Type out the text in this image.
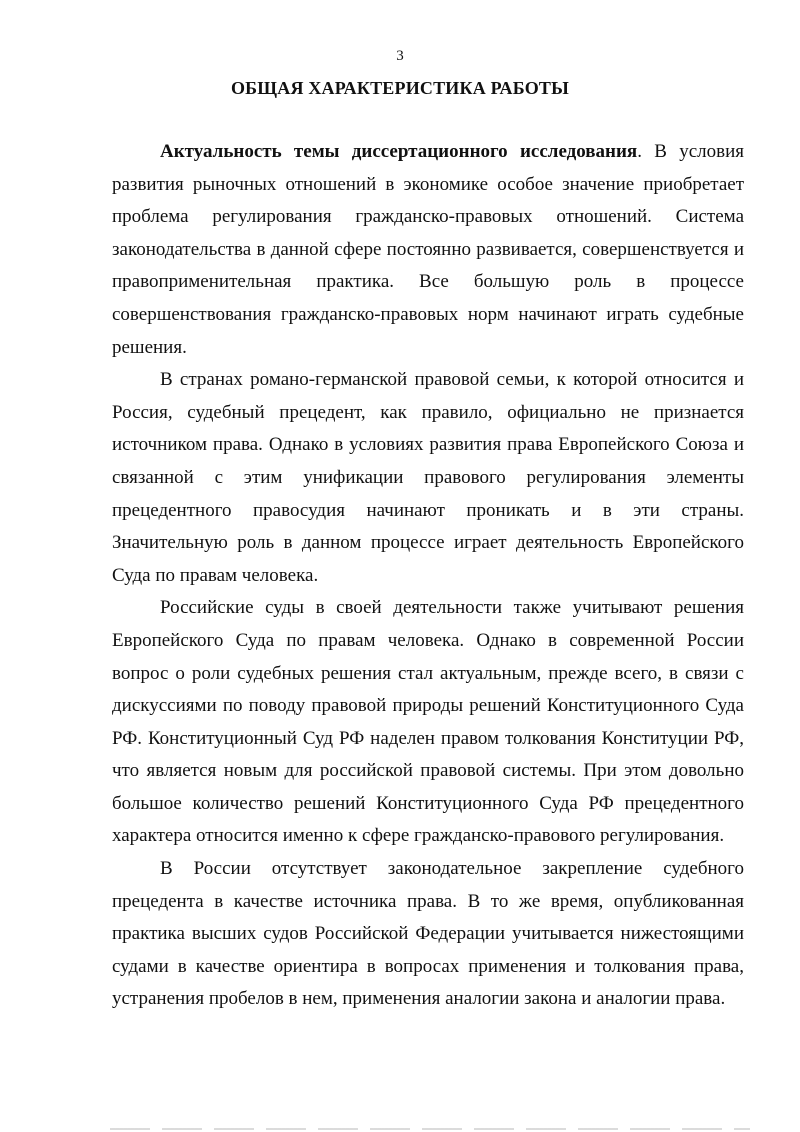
3
ОБЩАЯ ХАРАКТЕРИСТИКА РАБОТЫ

Актуальность темы диссертационного исследования. В условия развития рыночных отношений в экономике особое значение приобретает проблема регулирования гражданско-правовых отношений. Система законодательства в данной сфере постоянно развивается, совершенствуется и правоприменительная практика. Все большую роль в процессе совершенствования гражданско-правовых норм начинают играть судебные решения.

В странах романо-германской правовой семьи, к которой относится и Россия, судебный прецедент, как правило, официально не признается источником права. Однако в условиях развития права Европейского Союза и связанной с этим унификации правового регулирования элементы прецедентного правосудия начинают проникать и в эти страны. Значительную роль в данном процессе играет деятельность Европейского Суда по правам человека.

Российские суды в своей деятельности также учитывают решения Европейского Суда по правам человека. Однако в современной России вопрос о роли судебных решения стал актуальным, прежде всего, в связи с дискуссиями по поводу правовой природы решений Конституционного Суда РФ. Конституционный Суд РФ наделен правом толкования Конституции РФ, что является новым для российской правовой системы. При этом довольно большое количество решений Конституционного Суда РФ прецедентного характера относится именно к сфере гражданско-правового регулирования.

В России отсутствует законодательное закрепление судебного прецедента в качестве источника права. В то же время, опубликованная практика высших судов Российской Федерации учитывается нижестоящими судами в качестве ориентира в вопросах применения и толкования права, устранения пробелов в нем, применения аналогии закона и аналогии права.
